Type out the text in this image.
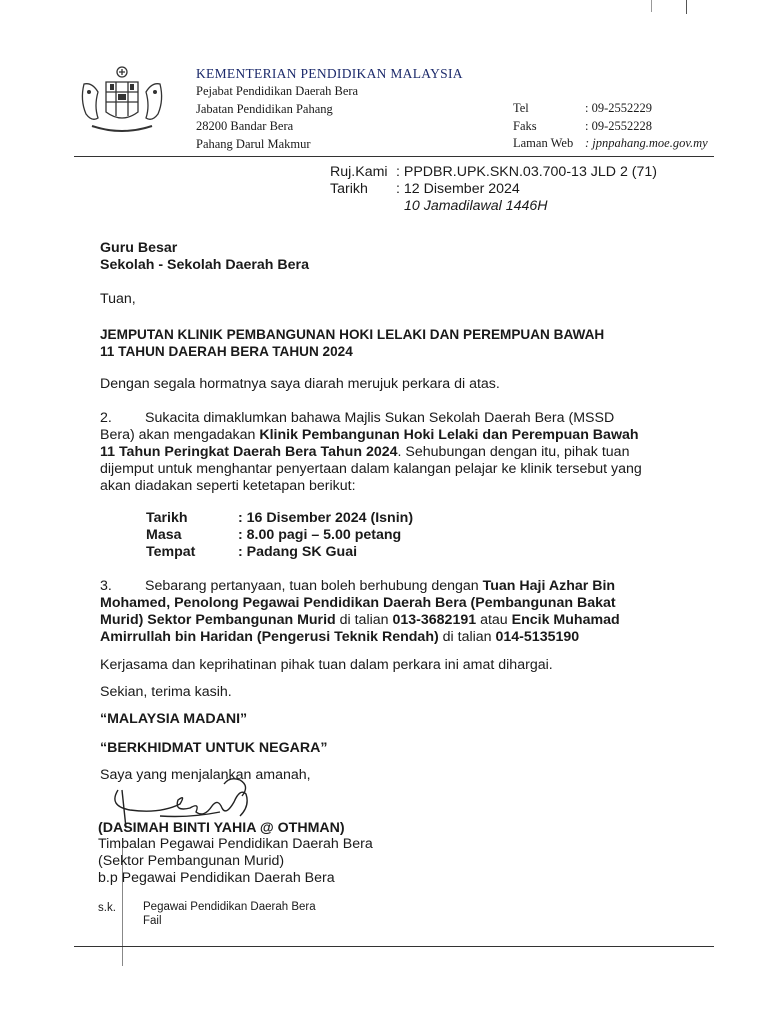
KEMENTERIAN PENDIDIKAN MALAYSIA
Pejabat Pendidikan Daerah Bera
Jabatan Pendidikan Pahang
28200 Bandar Bera
Pahang Darul Makmur
Tel	: 09-2552229
Faks	: 09-2552228
Laman Web : jpnpahang.moe.gov.my
Ruj.Kami : PPDBR.UPK.SKN.03.700-13 JLD 2 (71)
Tarikh	: 12 Disember 2024
10 Jamadilawal 1446H
Guru Besar
Sekolah - Sekolah Daerah Bera
Tuan,
JEMPUTAN KLINIK PEMBANGUNAN HOKI LELAKI DAN PEREMPUAN BAWAH
11 TAHUN DAERAH BERA TAHUN 2024
Dengan segala hormatnya saya diarah merujuk perkara di atas.
2. Sukacita dimaklumkan bahawa Majlis Sukan Sekolah Daerah Bera (MSSD
Bera) akan mengadakan Klinik Pembangunan Hoki Lelaki dan Perempuan Bawah
11 Tahun Peringkat Daerah Bera Tahun 2024. Sehubungan dengan itu, pihak tuan
dijemput untuk menghantar penyertaan dalam kalangan pelajar ke klinik tersebut yang
akan diadakan seperti ketetapan berikut:
Tarikh	: 16 Disember 2024 (Isnin)
Masa	: 8.00 pagi – 5.00 petang
Tempat	: Padang SK Guai
3. Sebarang pertanyaan, tuan boleh berhubung dengan Tuan Haji Azhar Bin
Mohamed, Penolong Pegawai Pendidikan Daerah Bera (Pembangunan Bakat
Murid) Sektor Pembangunan Murid di talian 013-3682191 atau Encik Muhamad
Amirrullah bin Haridan (Pengerusi Teknik Rendah) di talian 014-5135190
Kerjasama dan keprihatinan pihak tuan dalam perkara ini amat dihargai.
Sekian, terima kasih.
“MALAYSIA MADANI”
“BERKHIDMAT UNTUK NEGARA”
Saya yang menjalankan amanah,
(DASIMAH BINTI YAHIA @ OTHMAN)
Timbalan Pegawai Pendidikan Daerah Bera
(Sektor Pembangunan Murid)
b.p Pegawai Pendidikan Daerah Bera
s.k. Pegawai Pendidikan Daerah Bera
Fail
